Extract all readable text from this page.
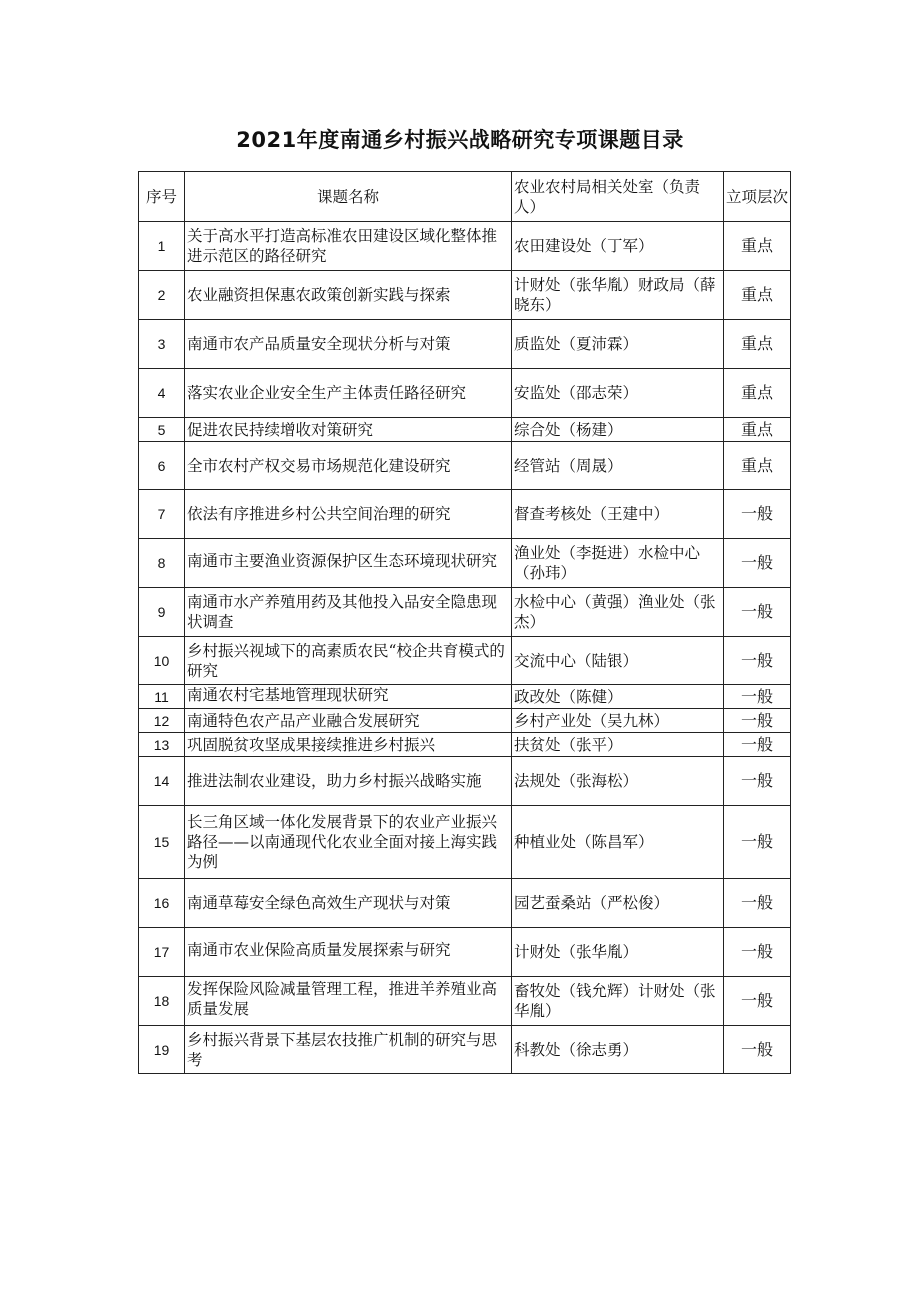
2021年度南通乡村振兴战略研究专项课题目录
序号	课题名称	农业农村局相关处室（负责人）	立项层次
1	关于高水平打造高标准农田建设区域化整体推进示范区的路径研究	农田建设处（丁军）	重点
2	农业融资担保惠农政策创新实践与探索	计财处（张华胤）财政局（薛晓东）	重点
3	南通市农产品质量安全现状分析与对策	质监处（夏沛霖）	重点
4	落实农业企业安全生产主体责任路径研究	安监处（邵志荣）	重点
5	促进农民持续增收对策研究	综合处（杨建）	重点
6	全市农村产权交易市场规范化建设研究	经管站（周晟）	重点
7	依法有序推进乡村公共空间治理的研究	督查考核处（王建中）	一般
8	南通市主要渔业资源保护区生态环境现状研究	渔业处（李挺进）水检中心（孙玮）	一般
9	南通市水产养殖用药及其他投入品安全隐患现状调查	水检中心（黄强）渔业处（张杰）	一般
10	乡村振兴视域下的高素质农民“校企共育模式的研究	交流中心（陆银）	一般
11	南通农村宅基地管理现状研究	政改处（陈健）	一般
12	南通特色农产品产业融合发展研究	乡村产业处（吴九林）	一般
13	巩固脱贫攻坚成果接续推进乡村振兴	扶贫处（张平）	一般
14	推进法制农业建设，助力乡村振兴战略实施	法规处（张海松）	一般
15	长三角区域一体化发展背景下的农业产业振兴路径——以南通现代化农业全面对接上海实践为例	种植业处（陈昌军）	一般
16	南通草莓安全绿色高效生产现状与对策	园艺蚕桑站（严松俊）	一般
17	南通市农业保险高质量发展探索与研究	计财处（张华胤）	一般
18	发挥保险风险减量管理工程，推进羊养殖业高质量发展	畜牧处（钱允辉）计财处（张华胤）	一般
19	乡村振兴背景下基层农技推广机制的研究与思考	科教处（徐志勇）	一般
